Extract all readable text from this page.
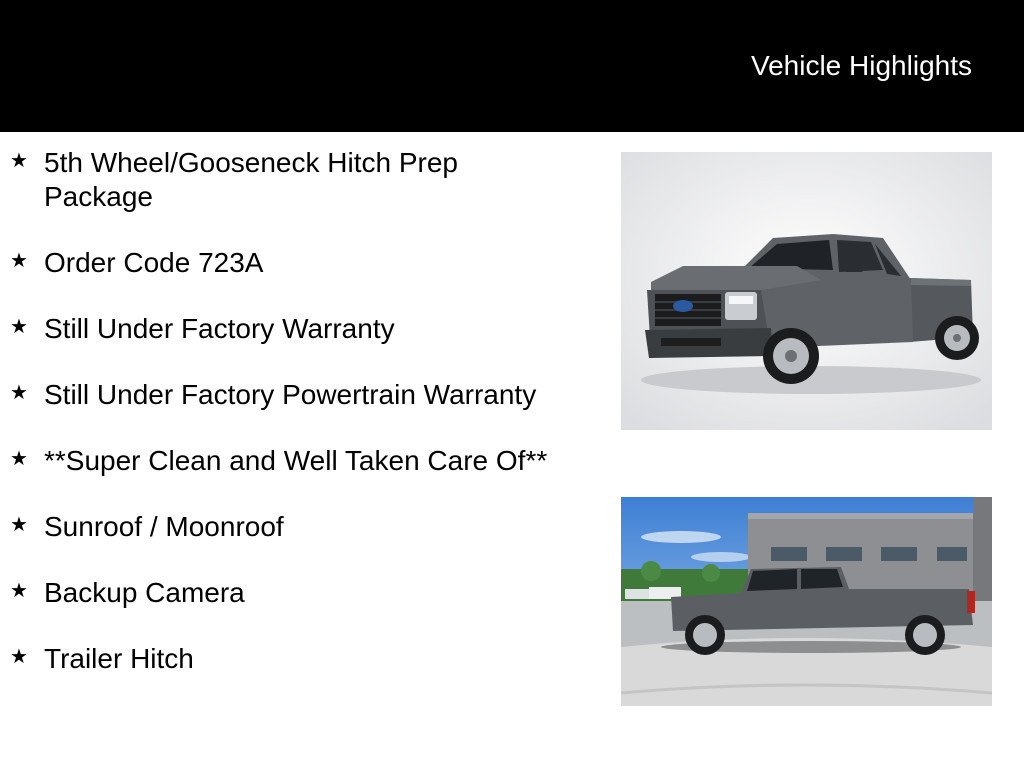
Vehicle Highlights
★ 5th Wheel/Gooseneck Hitch Prep Package
★ Order Code 723A
★ Still Under Factory Warranty
★ Still Under Factory Powertrain Warranty
★ **Super Clean and Well Taken Care Of**
★ Sunroof / Moonroof
★ Backup Camera
★ Trailer Hitch
